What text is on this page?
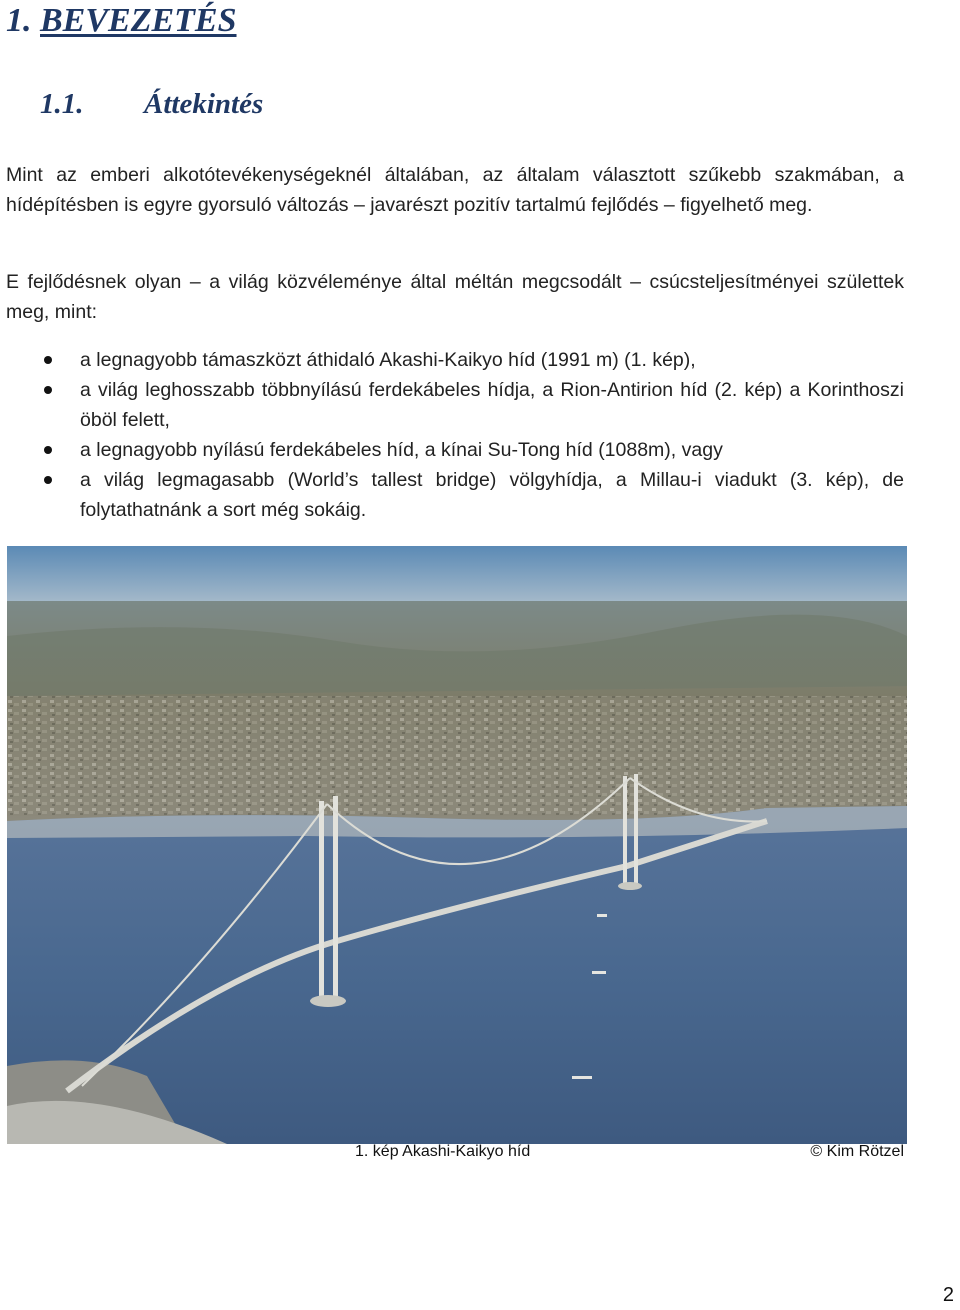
1. BEVEZETÉS
1.1. Áttekintés

Mint az emberi alkotótevékenységeknél általában, az általam választott szűkebb szakmában, a hídépítésben is egyre gyorsuló változás – javarészt pozitív tartalmú fejlődés – figyelhető meg.

E fejlődésnek olyan – a világ közvéleménye által méltán megcsodált – csúcsteljesítményei születtek meg, mint:

a legnagyobb támaszközt áthidaló Akashi-Kaikyo híd (1991 m) (1. kép),
a világ leghosszabb többnyílású ferdekábeles hídja, a Rion-Antirion híd (2. kép) a Korinthoszi öböl felett,
a legnagyobb nyílású ferdekábeles híd, a kínai Su-Tong híd (1088m), vagy
a világ legmagasabb (World’s tallest bridge) völgyhídja, a Millau-i viadukt (3. kép), de folytathatnánk a sort még sokáig.
1. kép Akashi-Kaikyo híd	© Kim Rötzel
2
